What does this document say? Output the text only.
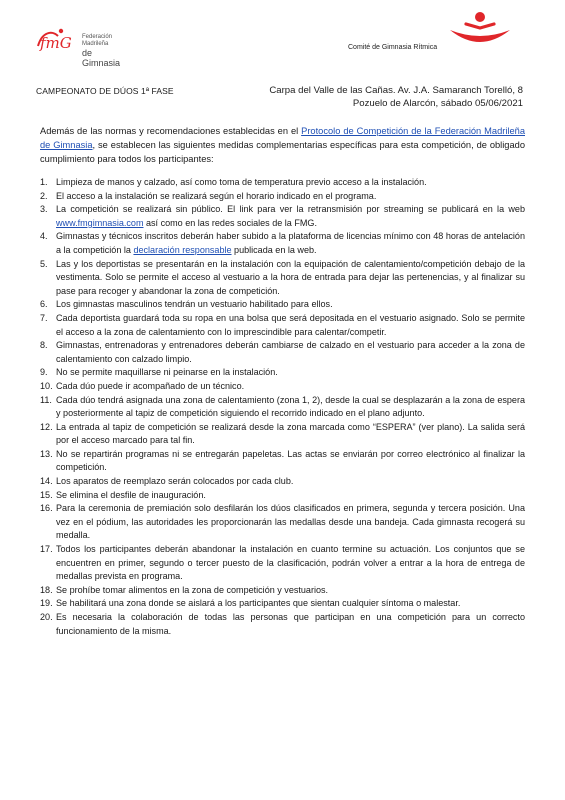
fmG Federación Madrileña
de Gimnasia
Comité de Gimnasia Rítmica
CAMPEONATO DE DÚOS 1ª FASE	Carpa del Valle de las Cañas. Av. J.A. Samaranch Torelló, 8
Pozuelo de Alarcón, sábado 05/06/2021

Además de las normas y recomendaciones establecidas en el Protocolo de Competición de la Federación Madrileña de Gimnasia, se establecen las siguientes medidas complementarias específicas para esta competición, de obligado cumplimiento para todos los participantes:

1. Limpieza de manos y calzado, así como toma de temperatura previo acceso a la instalación.
2. El acceso a la instalación se realizará según el horario indicado en el programa.
3. La competición se realizará sin público. El link para ver la retransmisión por streaming se publicará en la web www.fmgimnasia.com así como en las redes sociales de la FMG.
4. Gimnastas y técnicos inscritos deberán haber subido a la plataforma de licencias mínimo con 48 horas de antelación a la competición la declaración responsable publicada en la web.
5. Las y los deportistas se presentarán en la instalación con la equipación de calentamiento/competición debajo de la vestimenta. Solo se permite el acceso al vestuario a la hora de entrada para dejar las pertenencias, y al finalizar su pase para recoger y abandonar la zona de competición.
6. Los gimnastas masculinos tendrán un vestuario habilitado para ellos.
7. Cada deportista guardará toda su ropa en una bolsa que será depositada en el vestuario asignado. Solo se permite el acceso a la zona de calentamiento con lo imprescindible para calentar/competir.
8. Gimnastas, entrenadoras y entrenadores deberán cambiarse de calzado en el vestuario para acceder a la zona de calentamiento con calzado limpio.
9. No se permite maquillarse ni peinarse en la instalación.
10. Cada dúo puede ir acompañado de un técnico.
11. Cada dúo tendrá asignada una zona de calentamiento (zona 1, 2), desde la cual se desplazarán a la zona de espera y posteriormente al tapiz de competición siguiendo el recorrido indicado en el plano adjunto.
12. La entrada al tapiz de competición se realizará desde la zona marcada como “ESPERA” (ver plano). La salida será por el acceso marcado para tal fin.
13. No se repartirán programas ni se entregarán papeletas. Las actas se enviarán por correo electrónico al finalizar la competición.
14. Los aparatos de reemplazo serán colocados por cada club.
15. Se elimina el desfile de inauguración.
16. Para la ceremonia de premiación solo desfilarán los dúos clasificados en primera, segunda y tercera posición. Una vez en el pódium, las autoridades les proporcionarán las medallas desde una bandeja. Cada gimnasta recogerá su medalla.
17. Todos los participantes deberán abandonar la instalación en cuanto termine su actuación. Los conjuntos que se encuentren en primer, segundo o tercer puesto de la clasificación, podrán volver a entrar a la hora de entrega de medallas prevista en programa.
18. Se prohíbe tomar alimentos en la zona de competición y vestuarios.
19. Se habilitará una zona donde se aislará a los participantes que sientan cualquier síntoma o malestar.
20. Es necesaria la colaboración de todas las personas que participan en una competición para un correcto funcionamiento de la misma.
